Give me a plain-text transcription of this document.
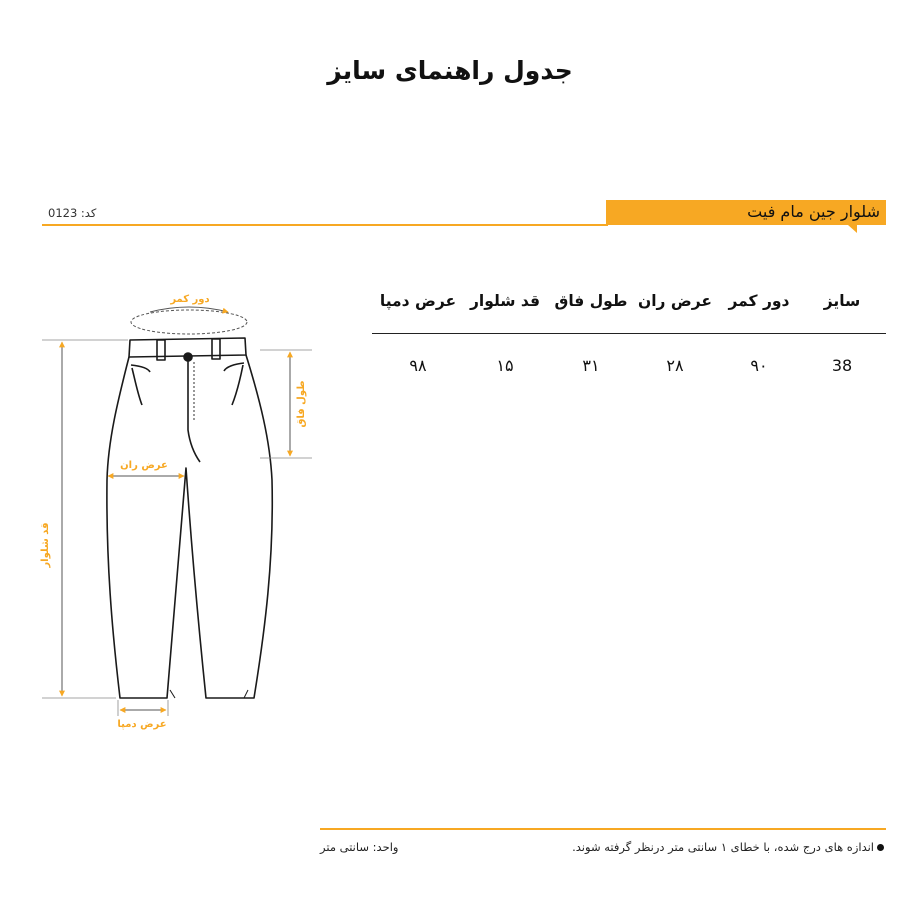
جدول راهنمای سایز
شلوار جین مام فیت
کد: 0123
سایز
دور کمر
عرض ران
طول فاق
قد شلوار
عرض دمپا
38
۹۰
۲۸
۳۱
۱۵
۹۸
دور کمر
عرض ران
طول فاق
قد شلوار
عرض دمپا
اندازه های درج شده، با خطای ۱ سانتی متر درنظر گرفته شوند.
واحد: سانتی متر
